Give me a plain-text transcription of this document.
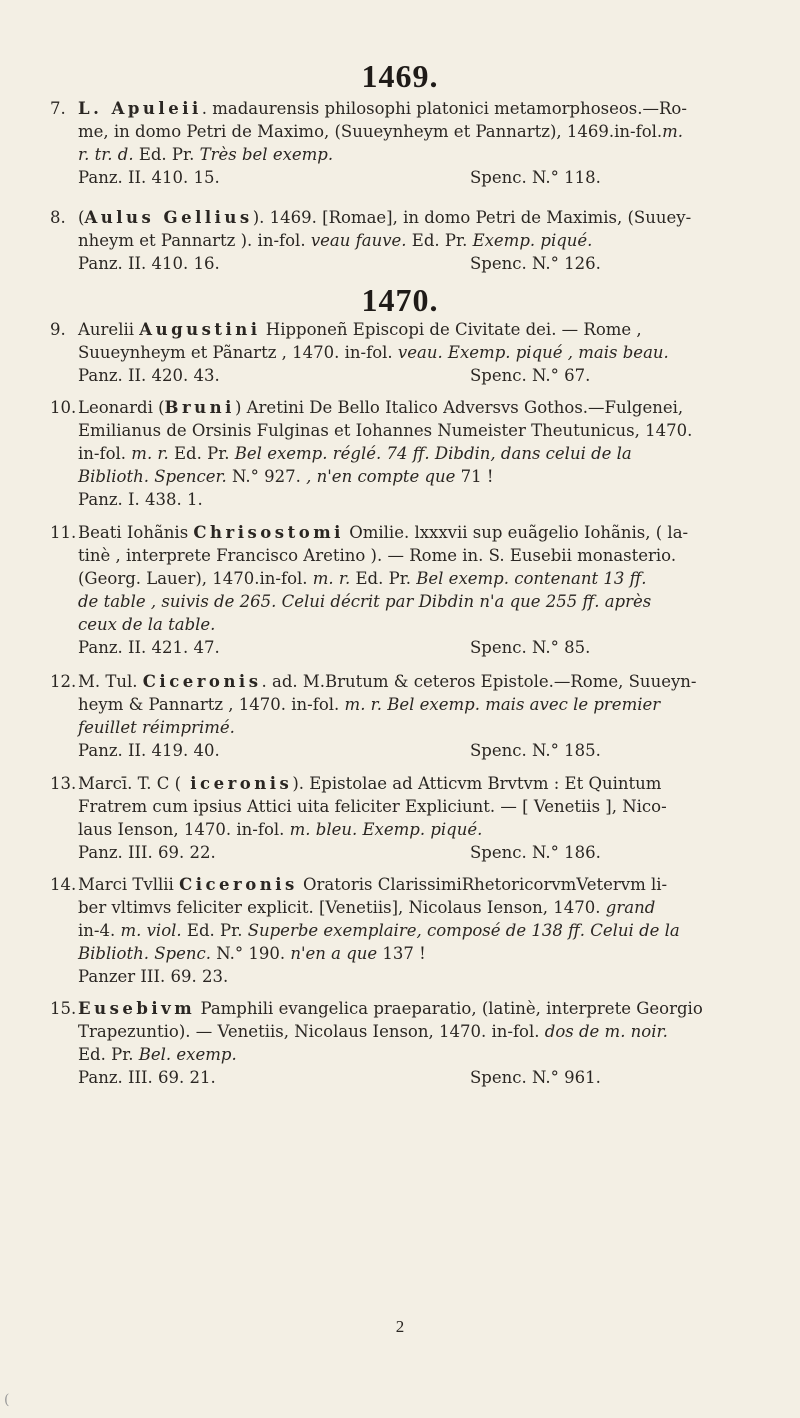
1469.
7. L. Apuleii. madaurensis philosophi platonici metamorphoseos.—Ro-
me, in domo Petri de Maximo, (Suueynheym et Pannartz), 1469.in-fol.m.
r. tr. d. Ed. Pr. Très bel exemp.
Panz. II. 410. 15.	Spenc. N.° 118.
8. (Aulus Gellius). 1469. [Romae], in domo Petri de Maximis, (Suuey-
nheym et Pannartz ). in-fol. veau fauve. Ed. Pr. Exemp. piqué.
Panz. II. 410. 16.	Spenc. N.° 126.
1470.
9. Aurelii Augustini Hipponeñ Episcopi de Civitate dei. — Rome ,
Suueynheym et Pãnartz , 1470. in-fol. veau. Exemp. piqué , mais beau.
Panz. II. 420. 43.	Spenc. N.° 67.
10. Leonardi (Bruni) Aretini De Bello Italico Adversvs Gothos.—Fulgenei,
Emilianus de Orsinis Fulginas et Iohannes Numeister Theutunicus, 1470.
in-fol. m. r. Ed. Pr. Bel exemp. réglé. 74 ff. Dibdin, dans celui de la
Biblioth. Spencer. N.° 927. , n'en compte que 71 !
Panz. I. 438. 1.
11. Beati Iohãnis Chrisostomi Omilie. lxxxvii sup euãgelio Iohãnis, ( la-
tinè , interprete Francisco Aretino ). — Rome in. S. Eusebii monasterio.
(Georg. Lauer), 1470.in-fol. m. r. Ed. Pr. Bel exemp. contenant 13 ff.
de table , suivis de 265. Celui décrit par Dibdin n'a que 255 ff. après
ceux de la table.
Panz. II. 421. 47.	Spenc. N.° 85.
12. M. Tul. Ciceronis. ad. M.Brutum & ceteros Epistole.—Rome, Suueyn-
heym & Pannartz , 1470. in-fol. m. r. Bel exemp. mais avec le premier
feuillet réimprimé.
Panz. II. 419. 40.	Spenc. N.° 185.
13. Marcī. T. C ( iceronis). Epistolae ad Atticvm Brvtvm : Et Quintum
Fratrem cum ipsius Attici uita feliciter Expliciunt. — [ Venetiis ], Nico-
laus Ienson, 1470. in-fol. m. bleu. Exemp. piqué.
Panz. III. 69. 22.	Spenc. N.° 186.
14. Marci Tvllii Ciceronis Oratoris ClarissimiRhetoricorvmVetervm li-
ber vltimvs feliciter explicit. [Venetiis], Nicolaus Ienson, 1470. grand
in-4. m. viol. Ed. Pr. Superbe exemplaire, composé de 138 ff. Celui de la
Biblioth. Spenc. N.° 190. n'en a que 137 !
Panzer III. 69. 23.
15. Eusebivm Pamphili evangelica praeparatio, (latinè, interprete Georgio
Trapezuntio). — Venetiis, Nicolaus Ienson, 1470. in-fol. dos de m. noir.
Ed. Pr. Bel. exemp.
Panz. III. 69. 21.	Spenc. N.° 961.
2
(
